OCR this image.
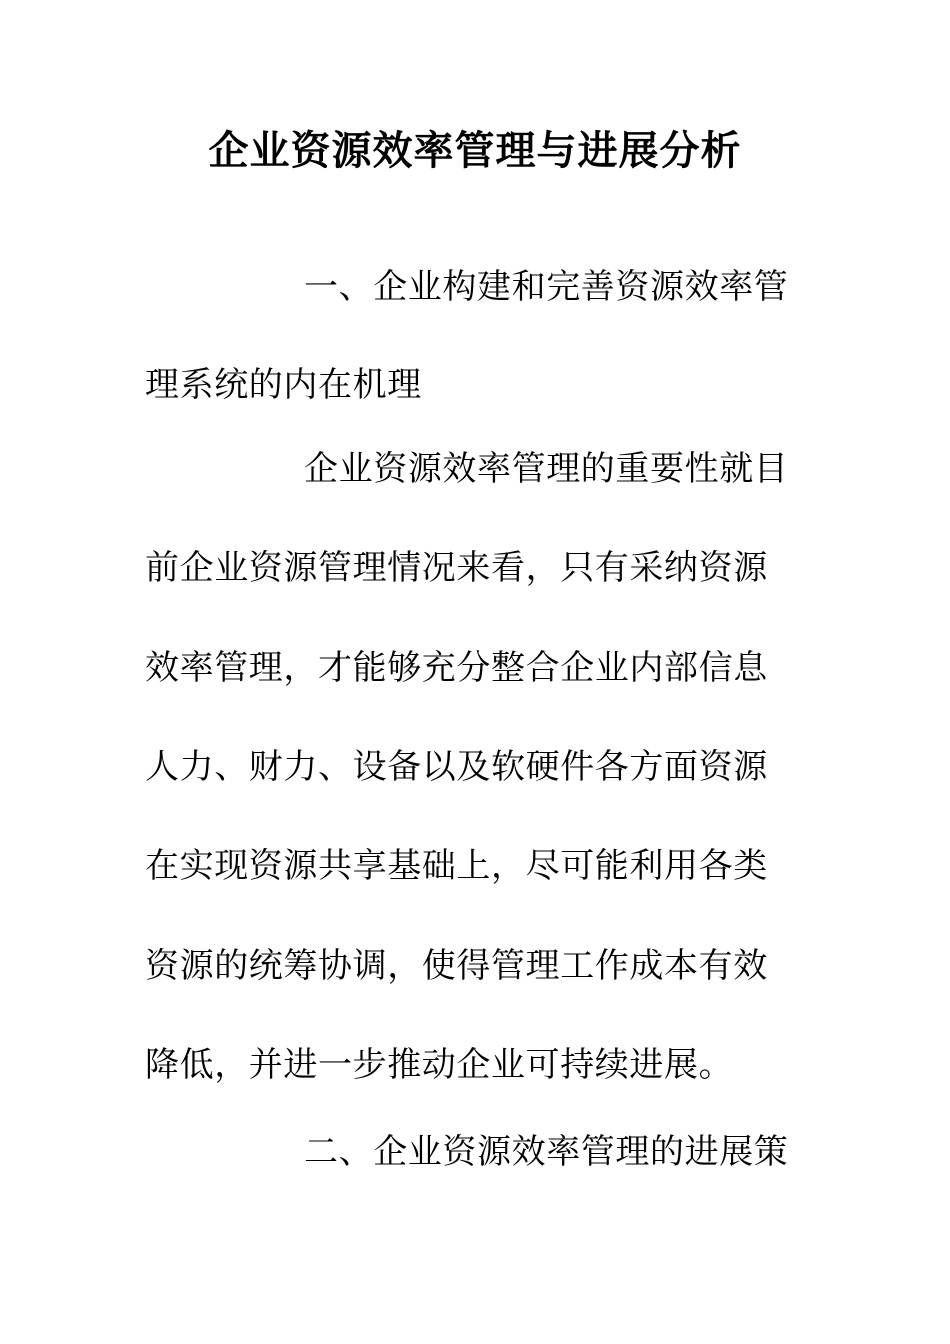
企业资源效率管理与进展分析
一、企业构建和完善资源效率管
理系统的内在机理
企业资源效率管理的重要性就目
前企业资源管理情况来看，只有采纳资源
效率管理，才能够充分整合企业内部信息
人力、财力、设备以及软硬件各方面资源
在实现资源共享基础上，尽可能利用各类
资源的统筹协调，使得管理工作成本有效
降低，并进一步推动企业可持续进展。
二、企业资源效率管理的进展策
